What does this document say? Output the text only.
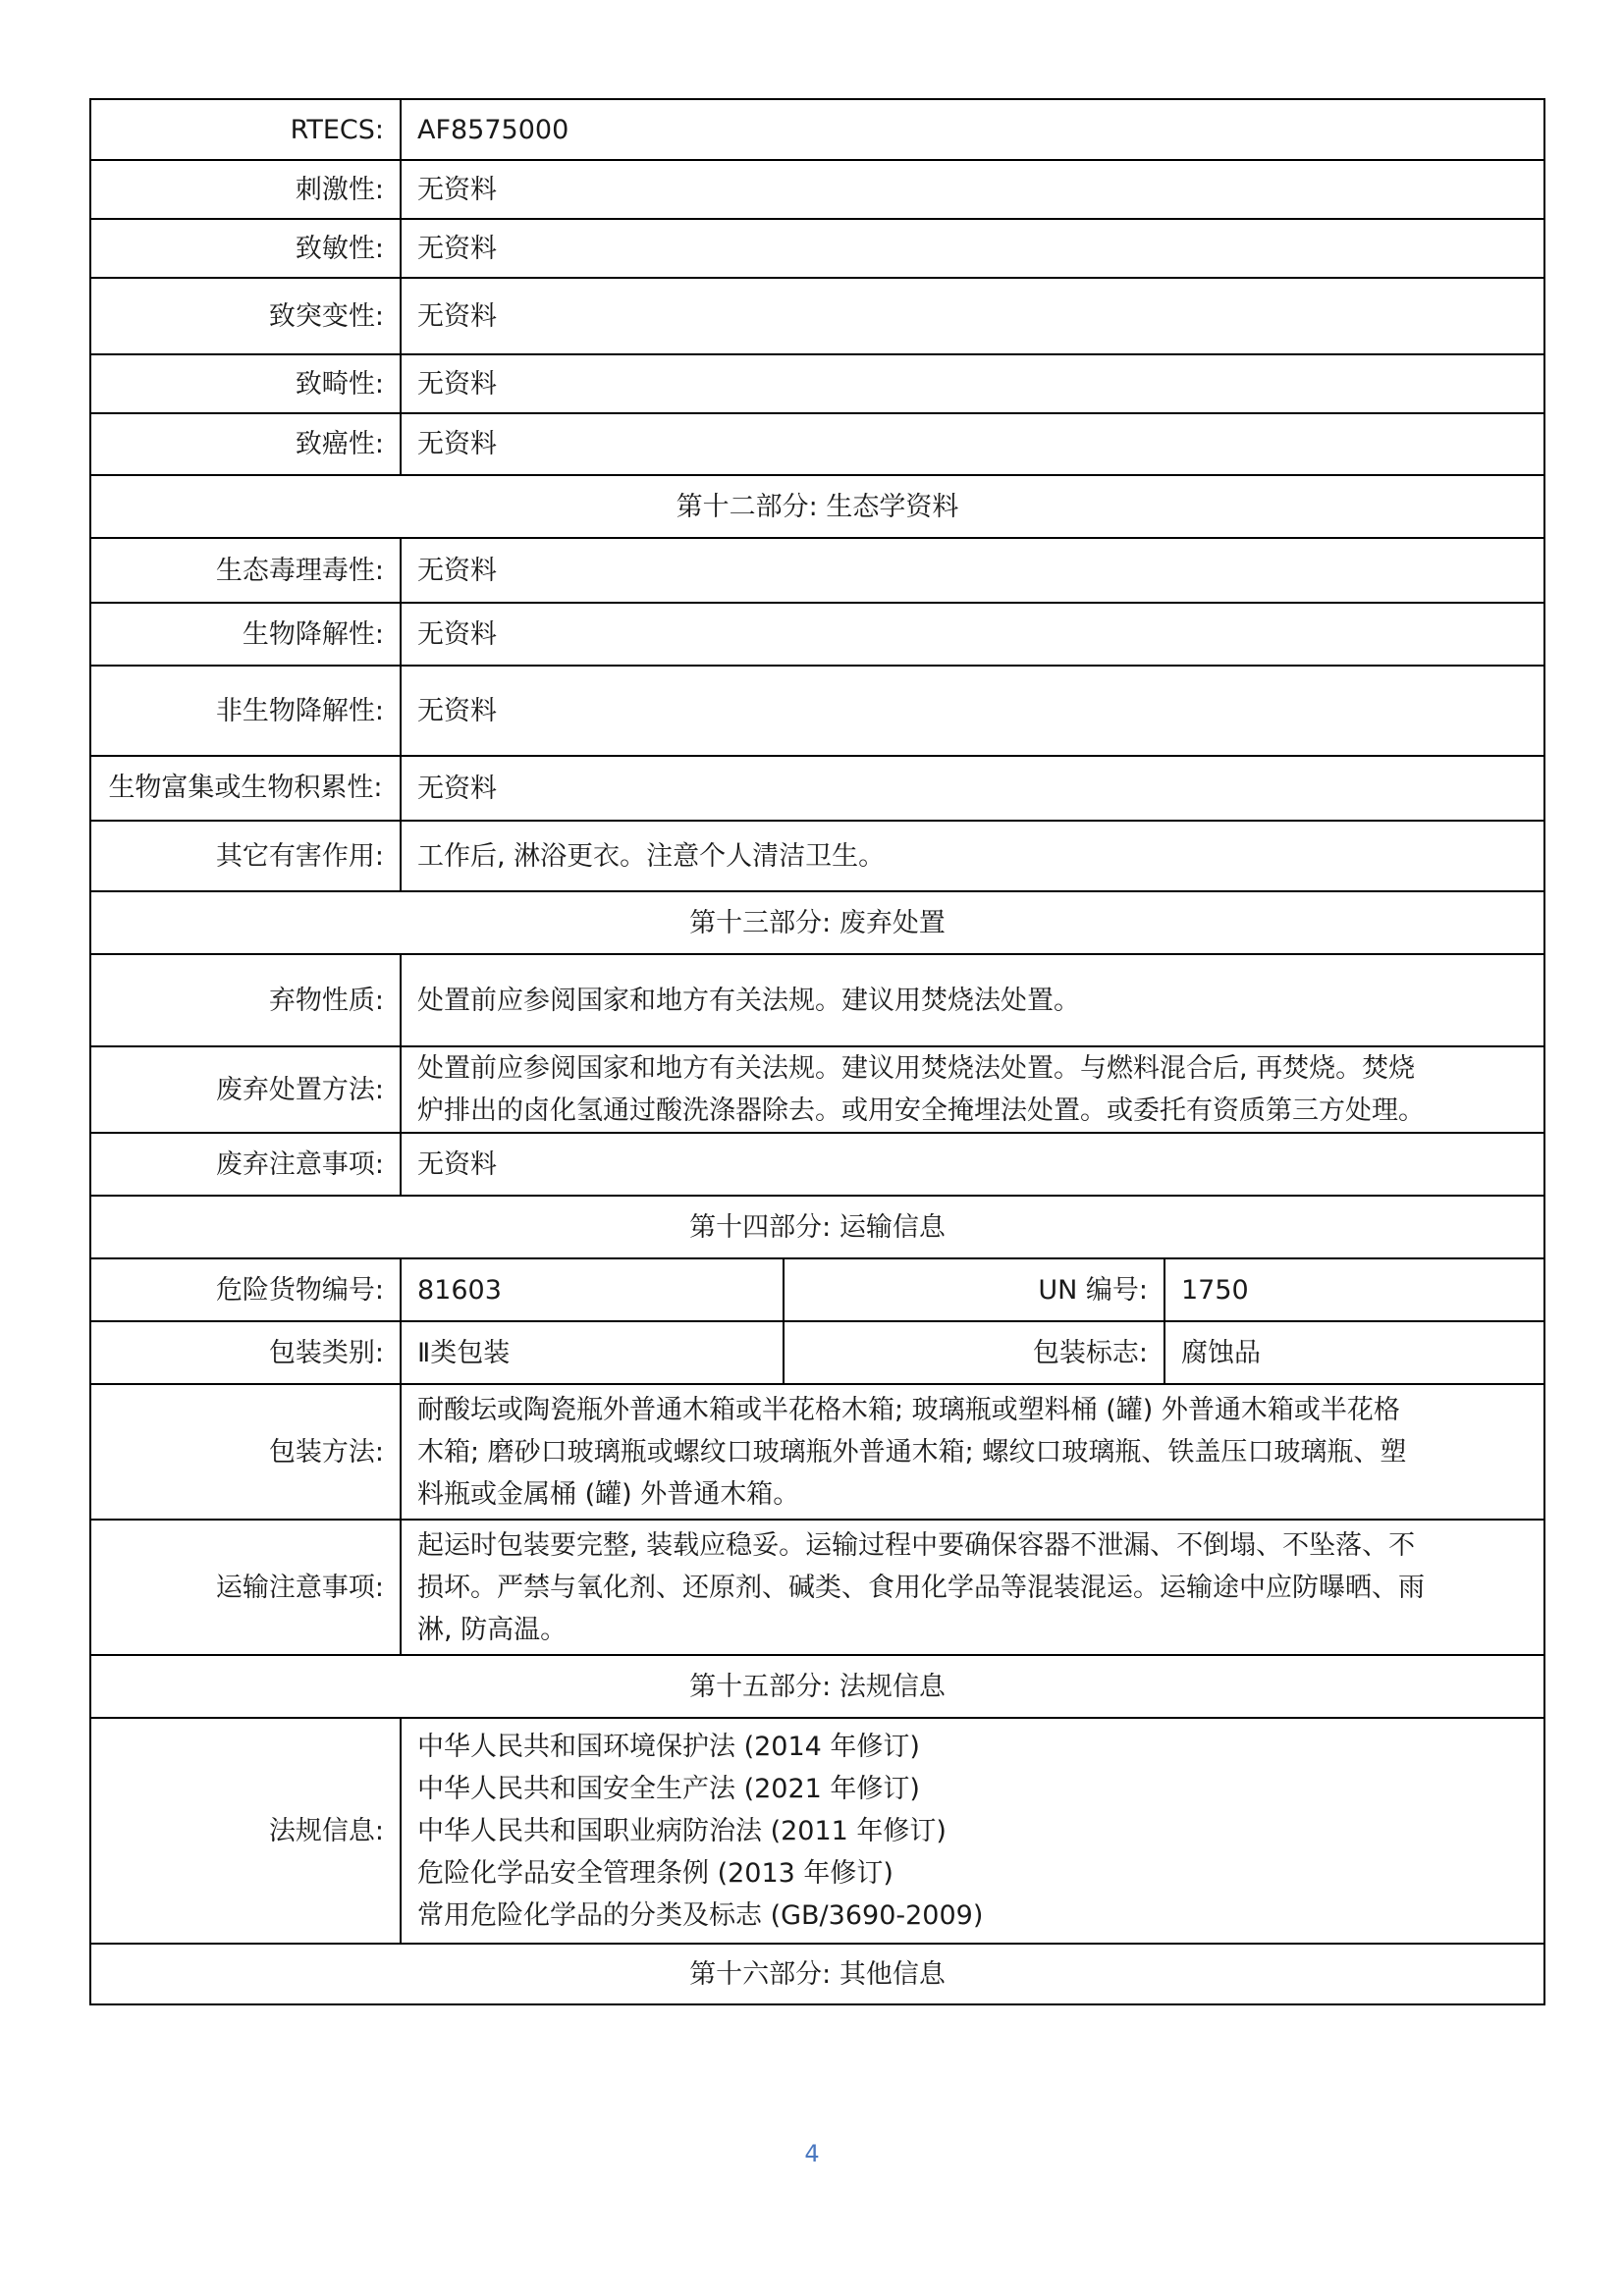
RTECS:	AF8575000		
刺激性:	无资料		
致敏性:	无资料		
致突变性:	无资料		
致畸性:	无资料		
致癌性:	无资料		
第十二部分: 生态学资料			
生态毒理毒性:	无资料		
生物降解性:	无资料		
非生物降解性:	无资料		
生物富集或生物积累性:	无资料		
其它有害作用:	工作后, 淋浴更衣。注意个人清洁卫生。		
第十三部分: 废弃处置			
弃物性质:	处置前应参阅国家和地方有关法规。建议用焚烧法处置。		
废弃处置方法:	处置前应参阅国家和地方有关法规。建议用焚烧法处置。与燃料混合后, 再焚烧。焚烧
炉排出的卤化氢通过酸洗涤器除去。或用安全掩埋法处置。或委托有资质第三方处理。		

废弃注意事项:	无资料		
第十四部分: 运输信息			
危险货物编号:	81603	UN 编号:	1750
包装类别:	Ⅱ类包装	包装标志:	腐蚀品
包装方法:	耐酸坛或陶瓷瓶外普通木箱或半花格木箱; 玻璃瓶或塑料桶 (罐) 外普通木箱或半花格
木箱; 磨砂口玻璃瓶或螺纹口玻璃瓶外普通木箱; 螺纹口玻璃瓶、铁盖压口玻璃瓶、塑
料瓶或金属桶 (罐) 外普通木箱。		

运输注意事项:	起运时包装要完整, 装载应稳妥。运输过程中要确保容器不泄漏、不倒塌、不坠落、不
损坏。严禁与氧化剂、还原剂、碱类、食用化学品等混装混运。运输途中应防曝晒、雨
淋, 防高温。		

第十五部分: 法规信息			
法规信息:	中华人民共和国环境保护法 (2014 年修订)
中华人民共和国安全生产法 (2021 年修订)
中华人民共和国职业病防治法 (2011 年修订)
危险化学品安全管理条例 (2013 年修订)
常用危险化学品的分类及标志 (GB/3690-2009)		

第十六部分: 其他信息			
4
